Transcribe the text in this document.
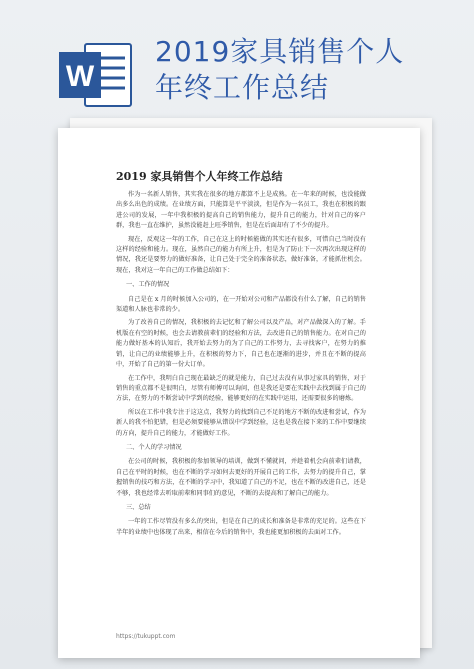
W
2019家具销售个人
年终工作总结
2019 家具销售个人年终工作总结

作为一名新人销售，其实我在很多的地方都算不上是成熟。在一年来的时候，也没能做出多么出色的成绩。在业绩方面，只能算是平平淡淡，但是作为一名员工，我也在积极的跟进公司的发展，一年中我积极的提高自己的销售能力，提升自己的能力，针对自己的客户群，我也一直在维护，虽然没能赶上旺季销售，但是在后面却有了不少的提升。

现在，反观这一年的工作，自己在这上的时候能做的其实还有很多，可惜自己当时没有这样的经验和能力。现在，虽然自己的能力有所上升，但是为了防止下一次再次出现这样的情况，我还是要努力的做好准备，让自己处于完全的准备状态，做好准备，才能抓住机会。现在，我对这一年自己的工作做总结如下：

一、工作的情况

自己是在 x 月的时候加入公司的，在一开始对公司和产品都没有什么了解，自己的销售渠道和人脉也非常的少。

为了改善自己的情况，我积极的去记忆和了解公司以及产品，对产品做深入的了解。手机版在有空的时候，也会去请教前辈们的经验和方法，去改进自己的销售能力。在对自己的能力做好基本的认知后，我开始去努力的为了自己的工作努力，去寻找客户，在努力的推销，让自己的业绩能够上升，在积极的努力下，自己也在逐渐的进步，并且在不断的提高中，开始了自己的第一份大订单。

在工作中，我明白自己现在最缺乏的就是能力，自己过去没有从事过家具的销售，对于销售的重点都不是很明白，尽管有师傅可以询问，但是我还是要在实践中去找到属于自己的方法，在努力的不断尝试中学到的经验，能够更好的在实践中运用，还需要很多的磨炼。

所以在工作中我专注于这这点，我努力的找到自己不足的地方不断的改进和尝试，作为新人的我不怕犯错，但是必须要能够从错误中学到经验，这也是我在接下来的工作中要继续的方向，提升自己的能力，才能做好工作。

二、个人的学习情况

在公司的时候，我积极的参加领导的培训，做到不懂就问，并趁着机会向前辈们请教，自己在平时的时候，也在不断的学习如何去更好的开展自己的工作，去努力的提升自己，掌握销售的技巧和方法，在不断的学习中，我知道了自己的不足，也在不断的改进自己，还是不够，我也经常去听取前辈和同事们的意见，不断的去提高和了解自己的能力。

三、总结

一年的工作尽管没有多么的突出，但是在自己的成长和准备是非常的充足的。这些在下半年的业绩中也体现了出来，相信在今后的销售中，我也能更加积极的去面对工作。

https://tukuppt.com
